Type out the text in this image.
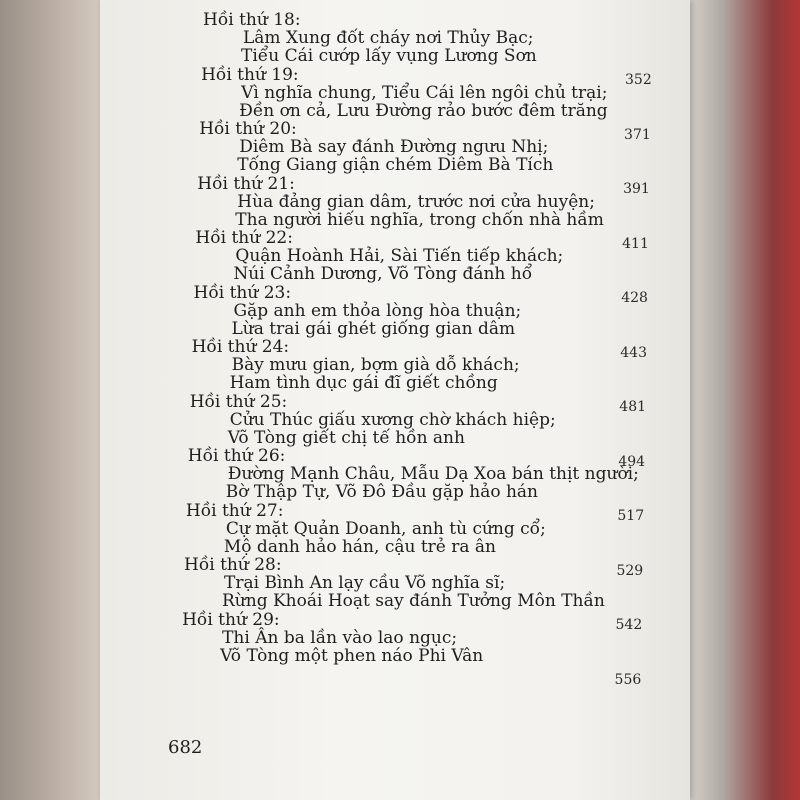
Hồi thứ 18:
Lâm Xung đốt cháy nơi Thủy Bạc;
Tiểu Cái cướp lấy vụng Lương Sơn
352
Hồi thứ 19:
Vì nghĩa chung, Tiểu Cái lên ngôi chủ trại;
Đền ơn cả, Lưu Đường rảo bước đêm trăng
371
Hồi thứ 20:
Diêm Bà say đánh Đường ngưu Nhị;
Tống Giang giận chém Diêm Bà Tích
391
Hồi thứ 21:
Hùa đảng gian dâm, trước nơi cửa huyện;
Tha người hiếu nghĩa, trong chốn nhà hầm
411
Hồi thứ 22:
Quận Hoành Hải, Sài Tiến tiếp khách;
Núi Cảnh Dương, Võ Tòng đánh hổ
428
Hồi thứ 23:
Gặp anh em thỏa lòng hòa thuận;
Lừa trai gái ghét giống gian dâm
443
Hồi thứ 24:
Bày mưu gian, bợm già dỗ khách;
Ham tình dục gái đĩ giết chồng
481
Hồi thứ 25:
Cửu Thúc giấu xương chờ khách hiệp;
Võ Tòng giết chị tế hồn anh
494
Hồi thứ 26:
Đường Mạnh Châu, Mẫu Dạ Xoa bán thịt người;
Bờ Thập Tự, Võ Đô Đầu gặp hảo hán
517
Hồi thứ 27:
Cự mặt Quản Doanh, anh tù cứng cổ;
Mộ danh hảo hán, cậu trẻ ra ân
529
Hồi thứ 28:
Trại Bình An lạy cầu Võ nghĩa sĩ;
Rừng Khoái Hoạt say đánh Tưởng Môn Thần
542
Hồi thứ 29:
Thi Ân ba lần vào lao ngục;
Võ Tòng một phen náo Phi Vân
556
682
